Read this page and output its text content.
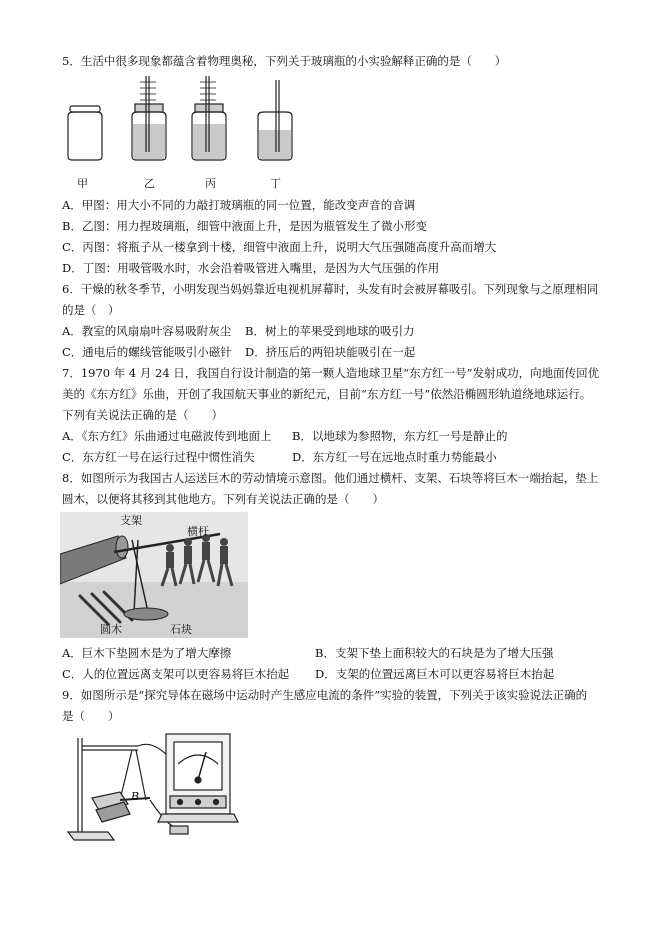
5．生活中很多现象都蕴含着物理奥秘，下列关于玻璃瓶的小实验解释正确的是（　　）
甲	乙	丙	丁
A．甲图：用大小不同的力敲打玻璃瓶的同一位置，能改变声音的音调
B．乙图：用力捏玻璃瓶，细管中液面上升，是因为瓶管发生了微小形变
C．丙图：将瓶子从一楼拿到十楼，细管中液面上升，说明大气压强随高度升高而增大
D．丁图：用吸管吸水时，水会沿着吸管进入嘴里，是因为大气压强的作用
6．干燥的秋冬季节，小明发现当妈妈靠近电视机屏幕时，头发有时会被屏幕吸引。下列现象与之原理相同
的是（　）
A．教室的风扇扇叶容易吸附灰尘 B．树上的苹果受到地球的吸引力
C．通电后的螺线管能吸引小磁针 D．挤压后的两铅块能吸引在一起
7．1970 年 4 月 24 日，我国自行设计制造的第一颗人造地球卫星“东方红一号”发射成功，向地面传回优
美的《东方红》乐曲，开创了我国航天事业的新纪元，目前“东方红一号”依然沿椭圆形轨道绕地球运行。
下列有关说法正确的是（　　）
A．《东方红》乐曲通过电磁波传到地面上 B．以地球为参照物，东方红一号是静止的
C．东方红一号在运行过程中惯性消失	D．东方红一号在远地点时重力势能最小
8．如图所示为我国古人运送巨木的劳动情境示意图。他们通过横杆、支架、石块等将巨木一端抬起，垫上
圆木，以便将其移到其他地方。下列有关说法正确的是（　　）
支架
横杆
圆木	石块
A．巨木下垫圆木是为了增大摩擦	B．支架下垫上面积较大的石块是为了增大压强
C．人的位置远离支架可以更容易将巨木抬起 D．支架的位置远离巨木可以更容易将巨木抬起
9．如图所示是“探究导体在磁场中运动时产生感应电流的条件”实验的装置，下列关于该实验说法正确的
是（　　）
B
